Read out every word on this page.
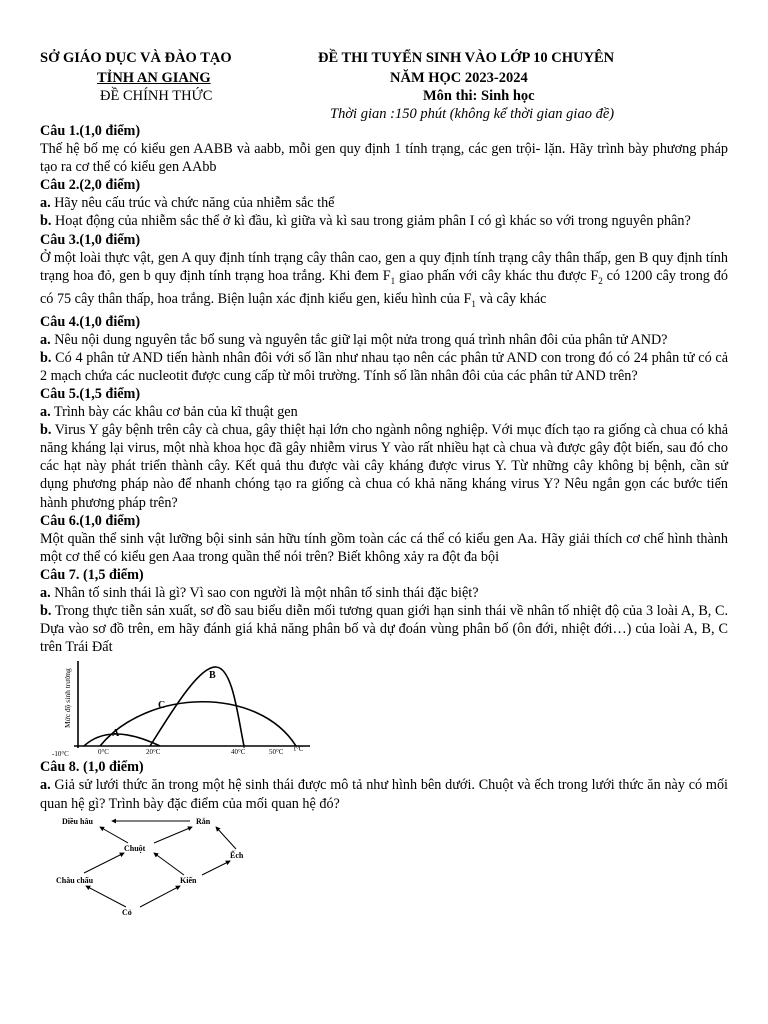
SỞ GIÁO DỤC VÀ ĐÀO TẠO
TỈNH AN GIANG
ĐỀ CHÍNH THỨC
ĐỀ THI TUYỂN SINH VÀO LỚP 10 CHUYÊN
NĂM HỌC 2023-2024
Môn thi: Sinh học
Thời gian :150 phút (không kể thời gian giao đề)

Câu 1.(1,0 điểm)

Thế hệ bố mẹ có kiểu gen AABB và aabb, mỗi gen quy định 1 tính trạng, các gen trội- lặn. Hãy trình bày phương pháp tạo ra cơ thể có kiểu gen AAbb

Câu 2.(2,0 điểm)

a. Hãy nêu cấu trúc và chức năng của nhiễm sắc thể

b. Hoạt động của nhiễm sắc thể ở kì đầu, kì giữa và kì sau trong giảm phân I có gì khác so với trong nguyên phân?

Câu 3.(1,0 điểm)

Ở một loài thực vật, gen A quy định tính trạng cây thân cao, gen a quy định tính trạng cây thân thấp, gen B quy định tính trạng hoa đỏ, gen b quy định tính trạng hoa trắng. Khi đem $F_1$ giao phấn với cây khác thu được $F_2$ có 1200 cây trong đó có 75 cây thân thấp, hoa trắng. Biện luận xác định kiểu gen, kiểu hình của $F_1$ và cây khác

Câu 4.(1,0 điểm)

a. Nêu nội dung nguyên tắc bổ sung và nguyên tắc giữ lại một nửa trong quá trình nhân đôi của phân tử AND?

b. Có 4 phân tử AND tiến hành nhân đôi với số lần như nhau tạo nên các phân tử AND con trong đó có 24 phân tử có cả 2 mạch chứa các nucleotit được cung cấp từ môi trường. Tính số lần nhân đôi của các phân tử AND trên?

Câu 5.(1,5 điểm)

a. Trình bày các khâu cơ bản của kĩ thuật gen

b. Virus Y gây bệnh trên cây cà chua, gây thiệt hại lớn cho ngành nông nghiệp. Với mục đích tạo ra giống cà chua có khả năng kháng lại virus, một nhà khoa học đã gây nhiễm virus Y vào rất nhiều hạt cà chua và được gây đột biến, sau đó cho các hạt này phát triển thành cây. Kết quả thu được vài cây kháng được virus Y. Từ những cây không bị bệnh, cần sử dụng phương pháp nào để nhanh chóng tạo ra giống cà chua có khả năng kháng virus Y? Nêu ngắn gọn các bước tiến hành phương pháp trên?

Câu 6.(1,0 điểm)

Một quần thể sinh vật lưỡng bội sinh sản hữu tính gồm toàn các cá thể có kiểu gen Aa. Hãy giải thích cơ chế hình thành một cơ thể có kiểu gen Aaa trong quần thể nói trên? Biết không xảy ra đột đa bội

Câu 7. (1,5 điểm)

a. Nhân tố sinh thái là gì? Vì sao con người là một nhân tố sinh thái đặc biệt?

b. Trong thực tiễn sản xuất, sơ đồ sau biểu diễn mối tương quan giới hạn sinh thái về nhân tố nhiệt độ của 3 loài A, B, C. Dựa vào sơ đồ trên, em hãy đánh giá khả năng phân bố và dự đoán vùng phân bố (ôn đới, nhiệt đới…) của loài A, B, C trên Trái Đất

Mức độ sinh trưởng
A
B
C
-10°C	0°C	20°C	40°C	50°C t°C

Câu 8. (1,0 điểm)

a. Giả sử lưới thức ăn trong một hệ sinh thái được mô tả như hình bên dưới. Chuột và ếch trong lưới thức ăn này có mối quan hệ gì? Trình bày đặc điểm của mối quan hệ đó?

Diều hâu	Rắn
Chuột
Ếch
Châu chấu	Kiến
Cỏ
